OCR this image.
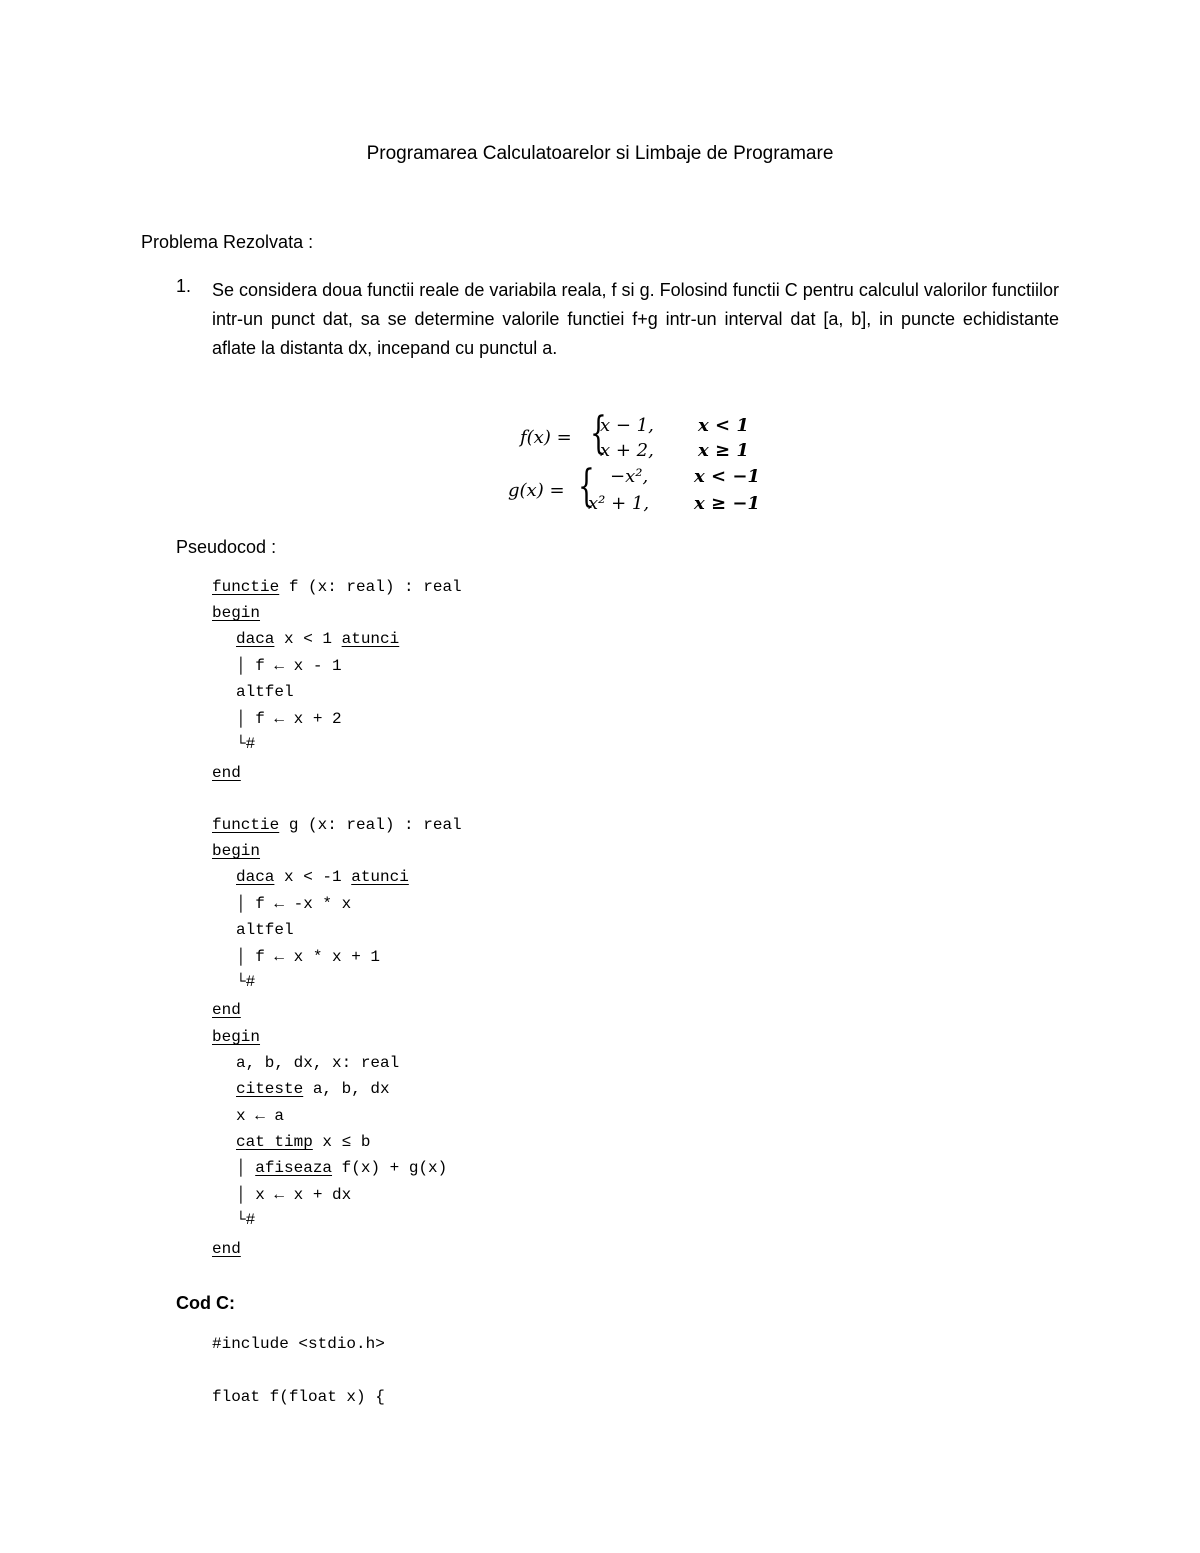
Programarea Calculatoarelor si Limbaje de Programare
Problema Rezolvata :
1. Se considera doua functii reale de variabila reala, f si g. Folosind functii C pentru calculul valorilor functiilor intr-un punct dat, sa se determine valorile functiei f+g intr-un interval dat [a, b], in puncte echidistante aflate la distanta dx, incepand cu punctul a.
f(x) = {
x − 1, x < 1
x + 2, x ≥ 1
g(x) = { −x²,	x < −1
x² + 1, x ≥ −1
Pseudocod :
functie f (x: real) : real
begin
daca x < 1 atunci
│ f ← x - 1
altfel
│ f ← x + 2
└#
end
functie g (x: real) : real
begin
daca x < -1 atunci
│ f ← -x * x
altfel
│ f ← x * x + 1
└#
end
begin
a, b, dx, x: real
citeste a, b, dx
x ← a
cat timp x ≤ b
│ afiseaza f(x) + g(x)
│ x ← x + dx
└#
end
Cod C:
#include <stdio.h>
float f(float x) {
